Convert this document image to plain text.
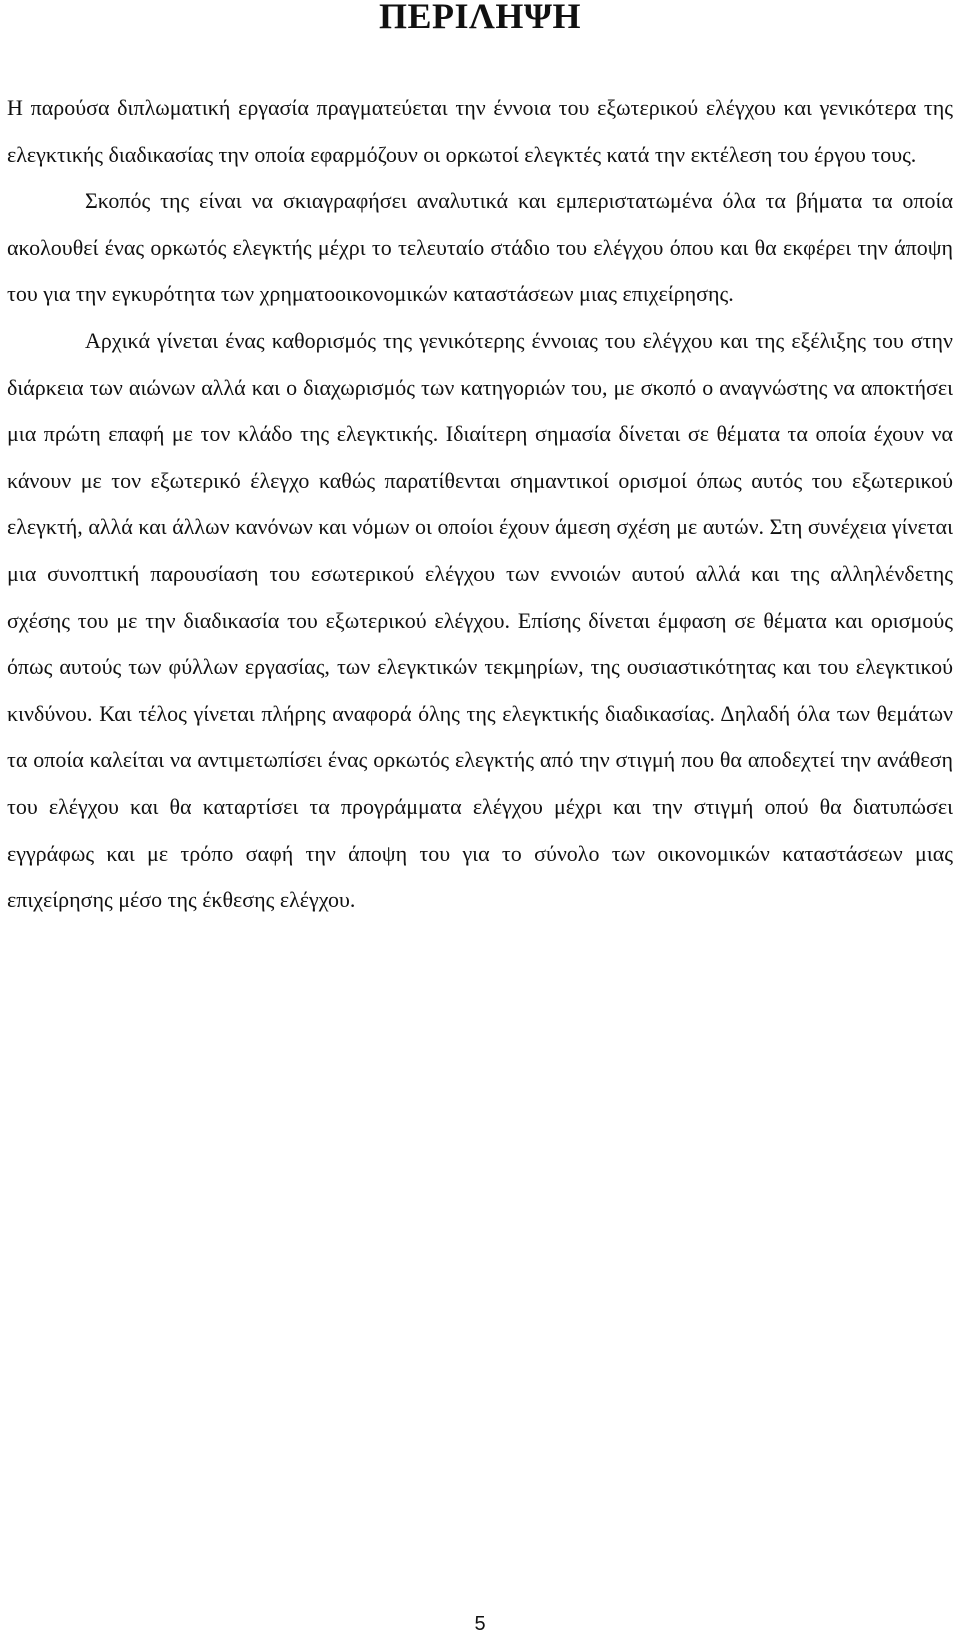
ΠΕΡΙΛΗΨΗ

Η παρούσα διπλωματική εργασία πραγματεύεται την έννοια του εξωτερικού ελέγχου και γενικότερα της ελεγκτικής διαδικασίας την οποία εφαρμόζουν οι ορκωτοί ελεγκτές κατά την εκτέλεση του έργου τους.

Σκοπός της είναι να σκιαγραφήσει αναλυτικά και εμπεριστατωμένα όλα τα βήματα τα οποία ακολουθεί ένας ορκωτός ελεγκτής μέχρι το τελευταίο στάδιο του ελέγχου όπου και θα εκφέρει την άποψη του για την εγκυρότητα των χρηματοοικονομικών καταστάσεων μιας επιχείρησης.

Αρχικά γίνεται ένας καθορισμός της γενικότερης έννοιας του ελέγχου και της εξέλιξης του στην διάρκεια των αιώνων αλλά και ο διαχωρισμός των κατηγοριών του, με σκοπό ο αναγνώστης να αποκτήσει μια πρώτη επαφή με τον κλάδο της ελεγκτικής. Ιδιαίτερη σημασία δίνεται σε θέματα τα οποία έχουν να κάνουν με τον εξωτερικό έλεγχο καθώς παρατίθενται σημαντικοί ορισμοί όπως αυτός του εξωτερικού ελεγκτή, αλλά και άλλων κανόνων και νόμων οι οποίοι έχουν άμεση σχέση με αυτών. Στη συνέχεια γίνεται μια συνοπτική παρουσίαση του εσωτερικού ελέγχου των εννοιών αυτού αλλά και της αλληλένδετης σχέσης του με την διαδικασία του εξωτερικού ελέγχου. Επίσης δίνεται έμφαση σε θέματα και ορισμούς όπως αυτούς των φύλλων εργασίας, των ελεγκτικών τεκμηρίων, της ουσιαστικότητας και του ελεγκτικού κινδύνου. Και τέλος γίνεται πλήρης αναφορά όλης της ελεγκτικής διαδικασίας. Δηλαδή όλα των θεμάτων τα οποία καλείται να αντιμετωπίσει ένας ορκωτός ελεγκτής από την στιγμή που θα αποδεχτεί την ανάθεση του ελέγχου και θα καταρτίσει τα προγράμματα ελέγχου μέχρι και την στιγμή οπού θα διατυπώσει εγγράφως και με τρόπο σαφή την άποψη του για το σύνολο των οικονομικών καταστάσεων μιας επιχείρησης μέσο της έκθεσης ελέγχου.

5
